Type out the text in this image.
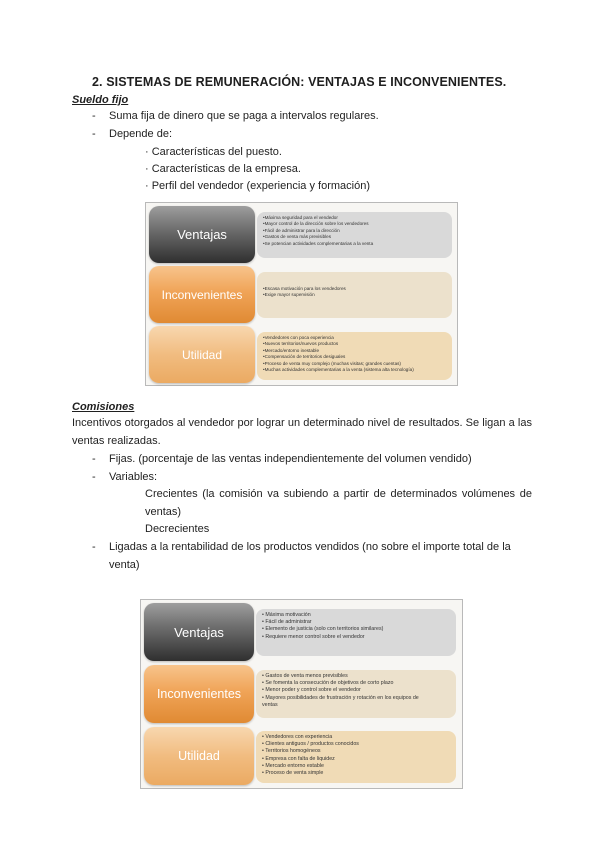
2. SISTEMAS DE REMUNERACIÓN: VENTAJAS E INCONVENIENTES.
Sueldo fijo
- Suma fija de dinero que se paga a intervalos regulares.
- Depende de:
· Características del puesto.
· Características de la empresa.
· Perfil del vendedor (experiencia y formación)
Ventajas
•Máxima seguridad para el vendedor
•Mayor control de la dirección sobre los vendedores
•Fácil de administrar para la dirección
•Gastos de venta más previsibles
•Se potencian actividades complementarias a la venta
Inconvenientes	•Escasa motivación para los vendedores
•Exige mayor supervisión
Utilidad
•Vendedores con poca experiencia
•Nuevos territorios/nuevos productos
•Mercado/entorno inestable
•Compensación de territorios desiguales
•Proceso de venta muy complejo (muchas visitas; grandes cuentas)
•Muchas actividades complementarias a la venta (sistema alta tecnología)
Comisiones
Incentivos otorgados al vendedor por lograr un determinado nivel de resultados. Se ligan a las ventas realizadas.
- Fijas. (porcentaje de las ventas independientemente del volumen vendido)
- Variables:
Crecientes (la comisión va subiendo a partir de determinados volúmenes de ventas)
Decrecientes
- Ligadas a la rentabilidad de los productos vendidos (no sobre el importe total de la venta)
Ventajas
• Máxima motivación
• Fácil de administrar
• Elemento de justicia (solo con territorios similares)
• Requiere menor control sobre el vendedor
Inconvenientes
• Gastos de venta menos previsibles
• Se fomenta la consecución de objetivos de corto plazo
• Menor poder y control sobre el vendedor
• Mayores posibilidades de frustración y rotación en los equipos de
ventas
Utilidad
• Vendedores con experiencia
• Clientes antiguos / productos conocidos
• Territorios homogéneos
• Empresa con falta de liquidez
• Mercado entorno estable
• Proceso de venta simple
